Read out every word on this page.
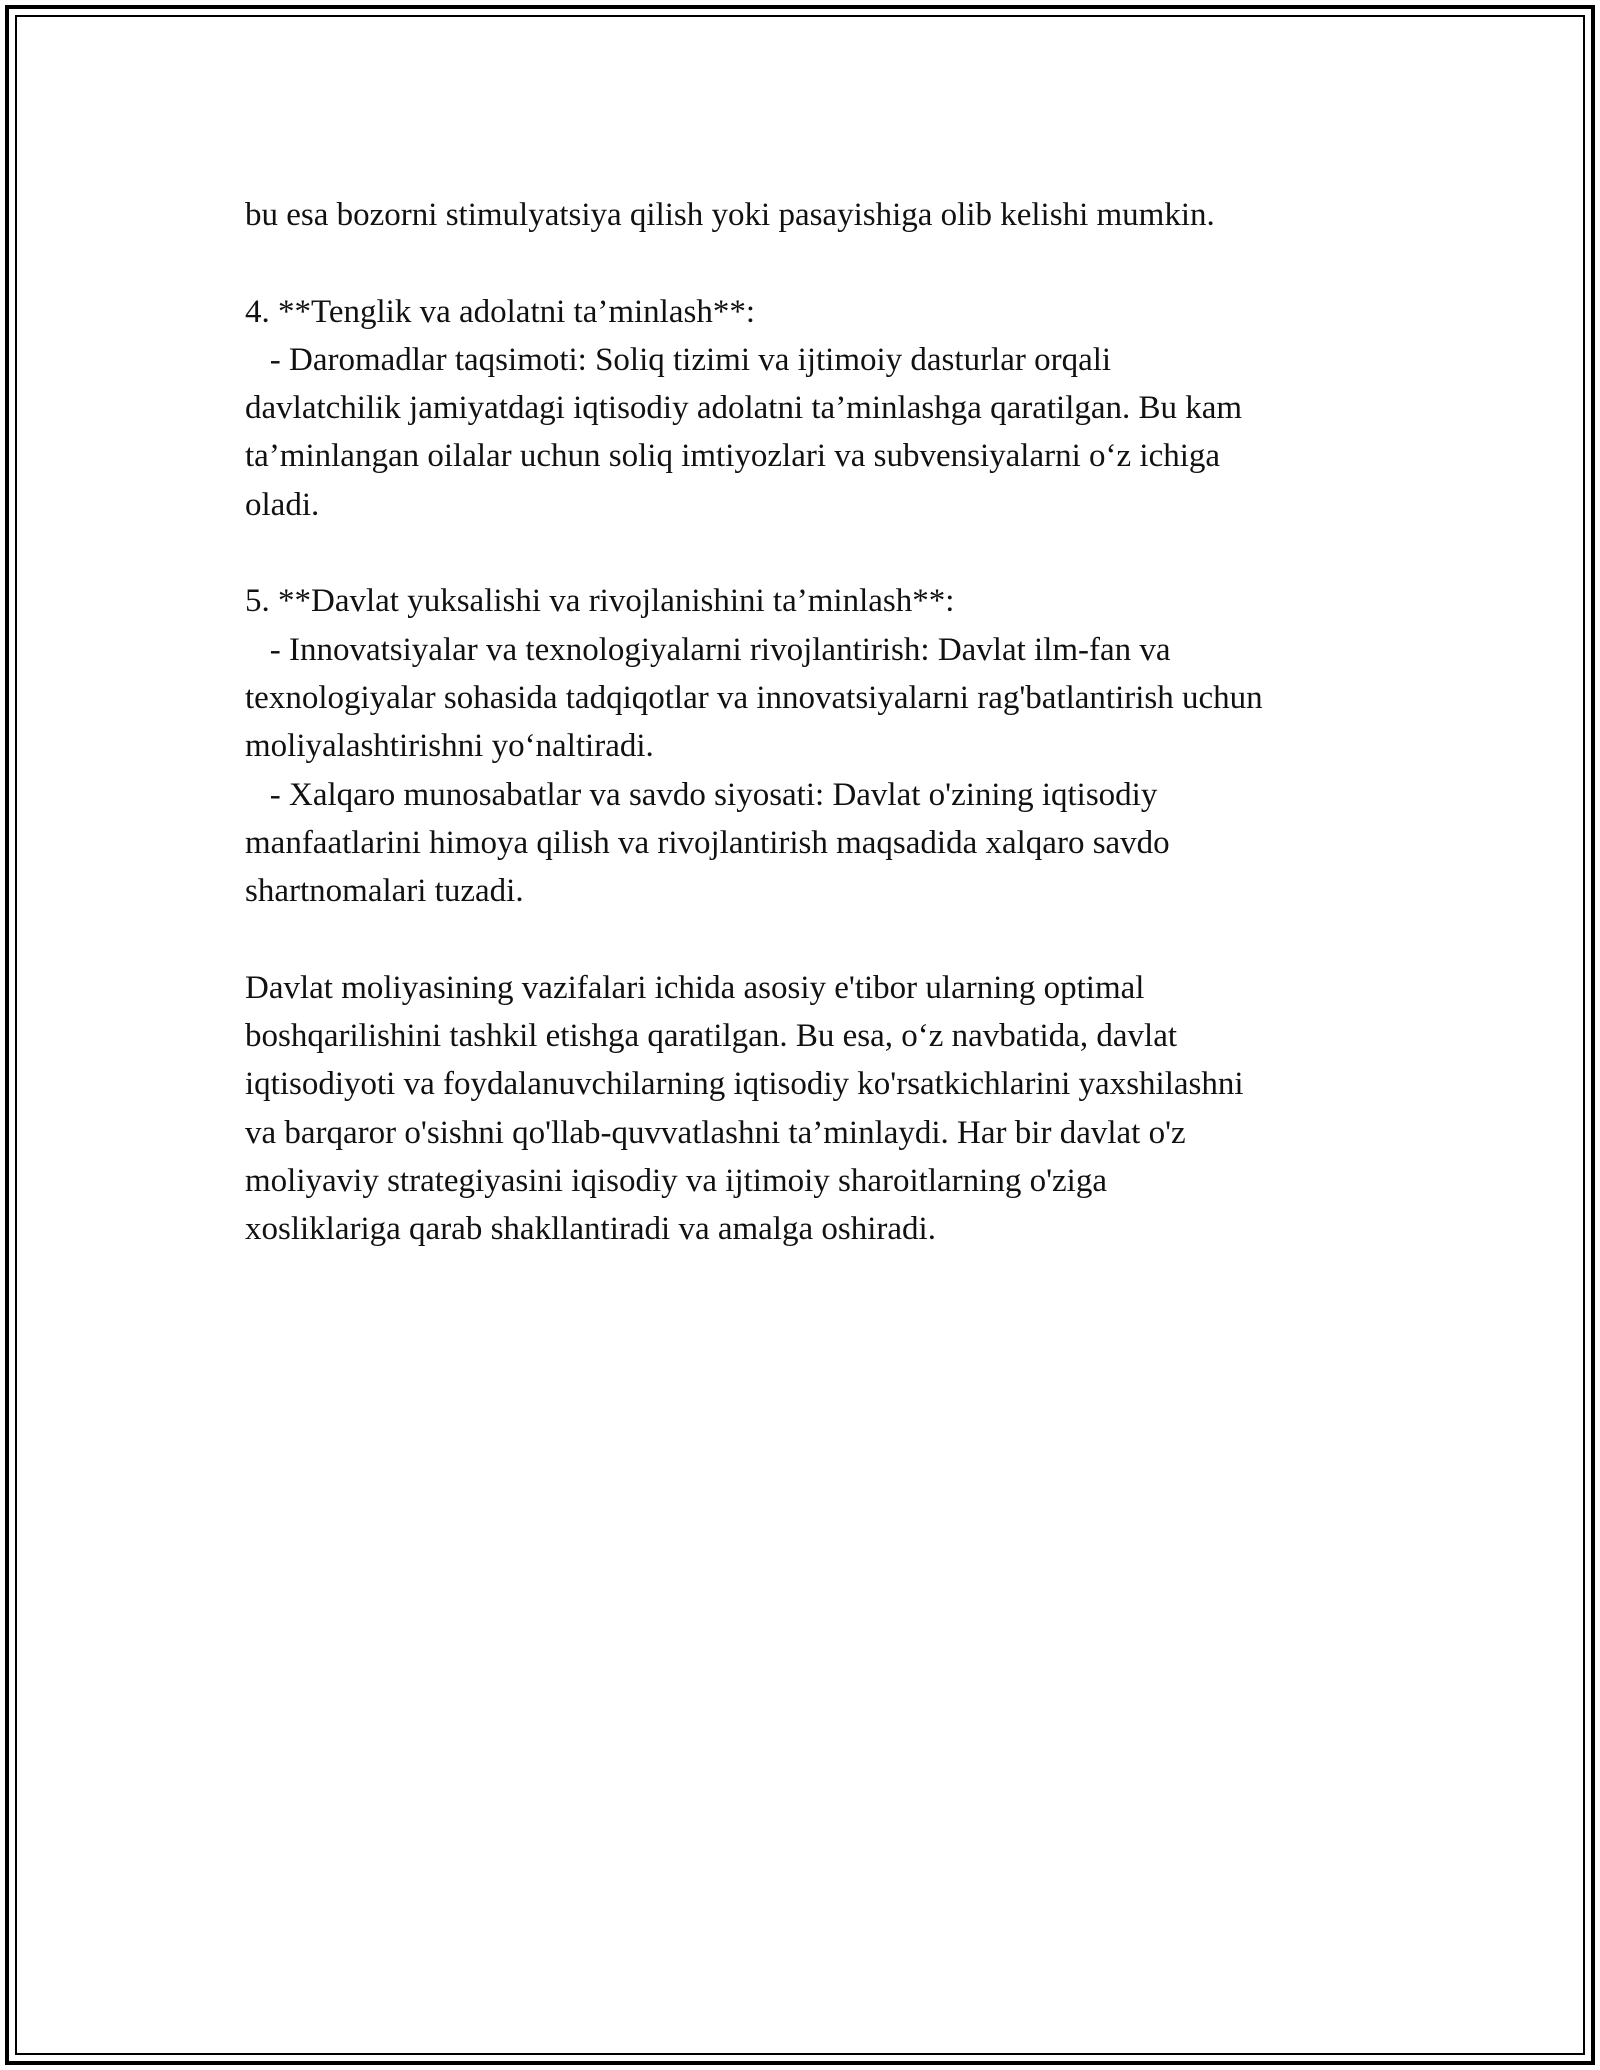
bu esa bozorni stimulyatsiya qilish yoki pasayishiga olib kelishi mumkin.
4. **Tenglik va adolatni ta’minlash**:
- Daromadlar taqsimoti: Soliq tizimi va ijtimoiy dasturlar orqali
davlatchilik jamiyatdagi iqtisodiy adolatni ta’minlashga qaratilgan. Bu kam
ta’minlangan oilalar uchun soliq imtiyozlari va subvensiyalarni o‘z ichiga
oladi.
5. **Davlat yuksalishi va rivojlanishini ta’minlash**:
- Innovatsiyalar va texnologiyalarni rivojlantirish: Davlat ilm-fan va
texnologiyalar sohasida tadqiqotlar va innovatsiyalarni rag'batlantirish uchun
moliyalashtirishni yo‘naltiradi.
- Xalqaro munosabatlar va savdo siyosati: Davlat o'zining iqtisodiy
manfaatlarini himoya qilish va rivojlantirish maqsadida xalqaro savdo
shartnomalari tuzadi.
Davlat moliyasining vazifalari ichida asosiy e'tibor ularning optimal
boshqarilishini tashkil etishga qaratilgan. Bu esa, o‘z navbatida, davlat
iqtisodiyoti va foydalanuvchilarning iqtisodiy ko'rsatkichlarini yaxshilashni
va barqaror o'sishni qo'llab-quvvatlashni ta’minlaydi. Har bir davlat o'z
moliyaviy strategiyasini iqisodiy va ijtimoiy sharoitlarning o'ziga
xosliklariga qarab shakllantiradi va amalga oshiradi.
